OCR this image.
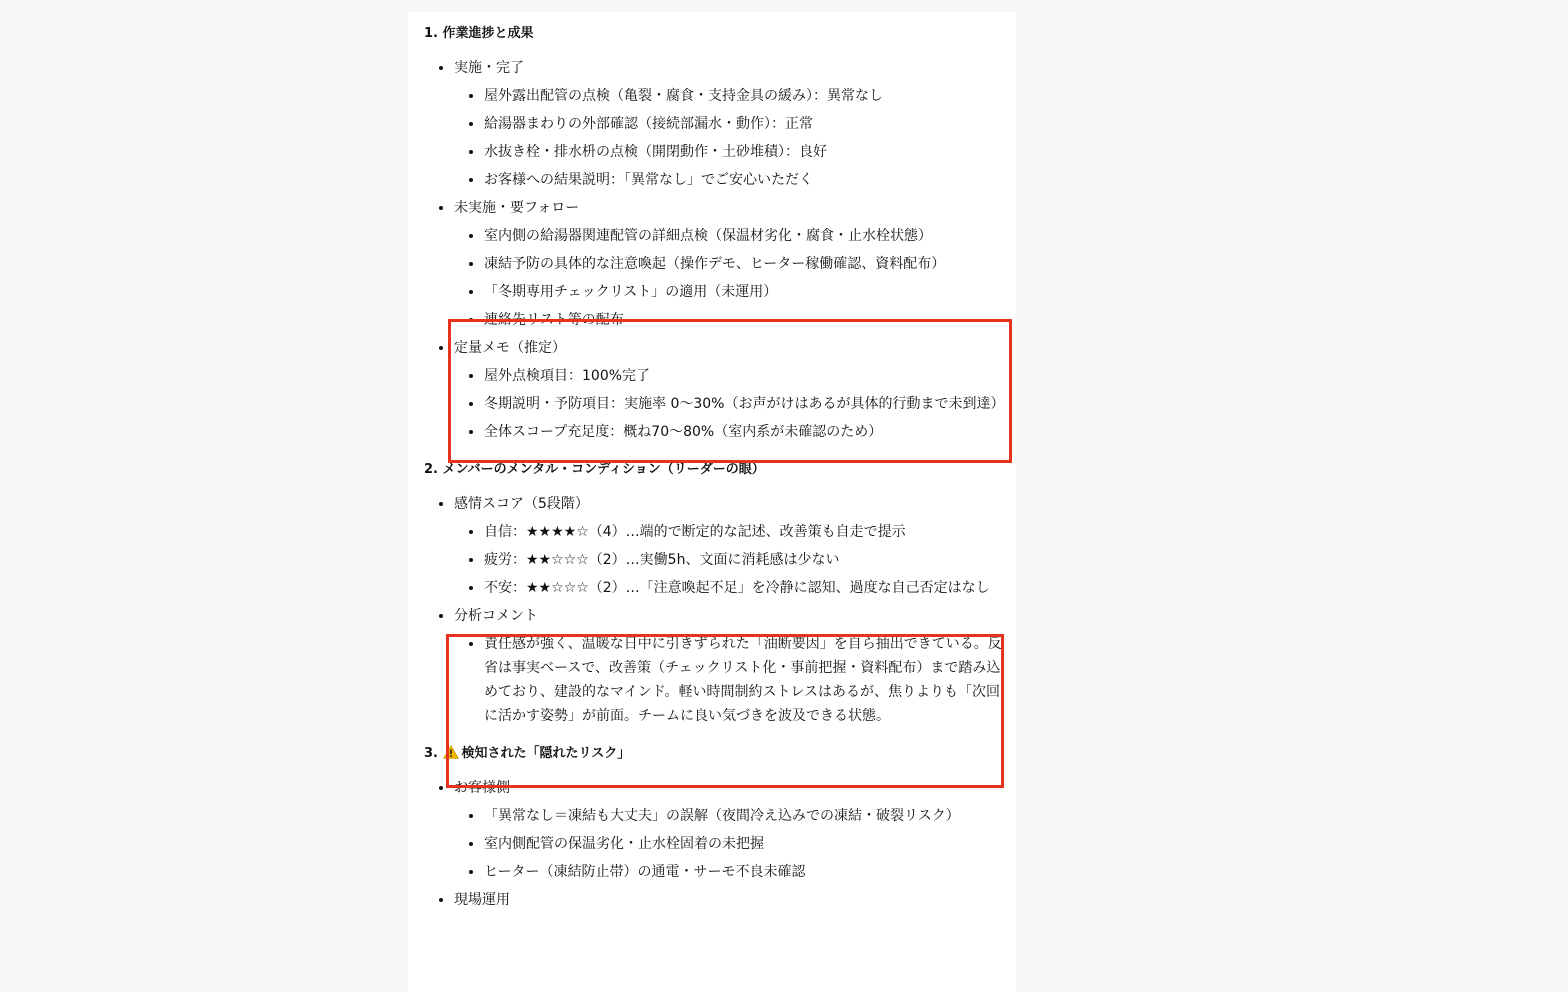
1. 作業進捗と成果

• 実施・完了
• 屋外露出配管の点検（亀裂・腐食・支持金具の緩み）：異常なし
• 給湯器まわりの外部確認（接続部漏水・動作）：正常
• 水抜き栓・排水枡の点検（開閉動作・土砂堆積）：良好
• お客様への結果説明：「異常なし」でご安心いただく
• 未実施・要フォロー
• 室内側の給湯器関連配管の詳細点検（保温材劣化・腐食・止水栓状態）
• 凍結予防の具体的な注意喚起（操作デモ、ヒーター稼働確認、資料配布）
• 「冬期専用チェックリスト」の適用（未運用）
• 連絡先リスト等の配布
• 定量メモ（推定）
• 屋外点検項目：100%完了
• 冬期説明・予防項目：実施率 0〜30%（お声がけはあるが具体的行動まで未到達）
• 全体スコープ充足度：概ね70〜80%（室内系が未確認のため）

2. メンバーのメンタル・コンディション（リーダーの眼）

• 感情スコア（5段階）
• 自信：★★★★☆（4）…端的で断定的な記述、改善策も自走で提示
• 疲労：★★☆☆☆（2）…実働5h、文面に消耗感は少ない
• 不安：★★☆☆☆（2）…「注意喚起不足」を冷静に認知、過度な自己否定はなし
• 分析コメント
• 責任感が強く、温暖な日中に引きずられた「油断要因」を自ら抽出できている。反省は事実ベースで、改善策（チェックリスト化・事前把握・資料配布）まで踏み込めており、建設的なマインド。軽い時間制約ストレスはあるが、焦りよりも「次回に活かす姿勢」が前面。チームに良い気づきを波及できる状態。

3. 検知された「隠れたリスク」

• お客様側
• 「異常なし＝凍結も大丈夫」の誤解（夜間冷え込みでの凍結・破裂リスク）
• 室内側配管の保温劣化・止水栓固着の未把握
• ヒーター（凍結防止帯）の通電・サーモ不良未確認
• 現場運用
